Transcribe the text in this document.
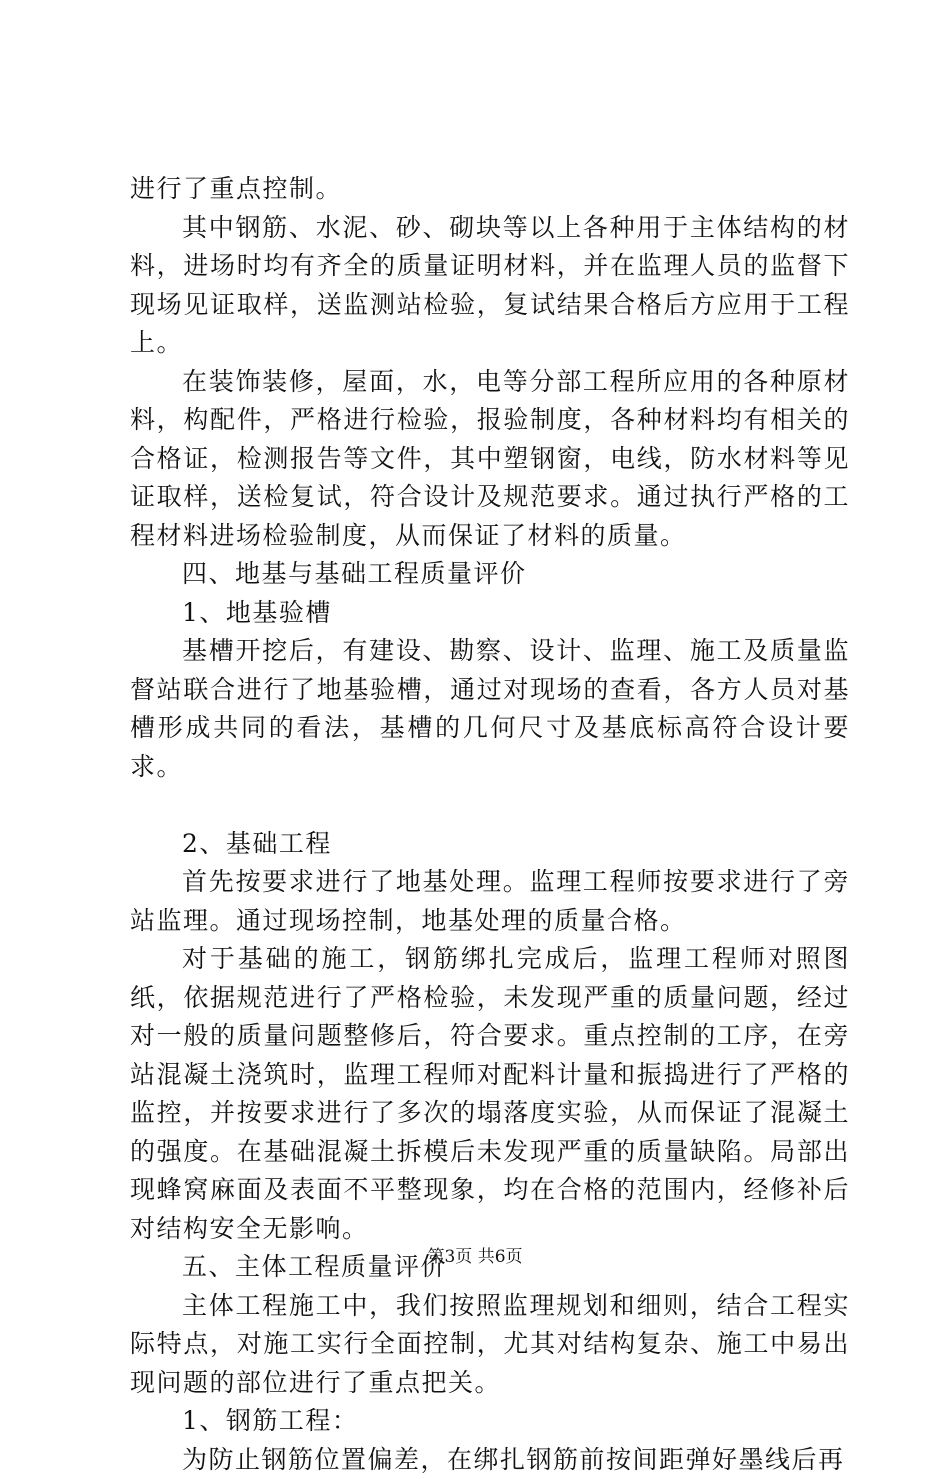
进行了重点控制。

其中钢筋、水泥、砂、砌块等以上各种用于主体结构的材料，进场时均有齐全的质量证明材料，并在监理人员的监督下现场见证取样，送监测站检验，复试结果合格后方应用于工程上。

在装饰装修，屋面，水，电等分部工程所应用的各种原材料，构配件，严格进行检验，报验制度，各种材料均有相关的合格证，检测报告等文件，其中塑钢窗，电线，防水材料等见证取样，送检复试，符合设计及规范要求。通过执行严格的工程材料进场检验制度，从而保证了材料的质量。

四、地基与基础工程质量评价

1、地基验槽

基槽开挖后，有建设、勘察、设计、监理、施工及质量监督站联合进行了地基验槽，通过对现场的查看，各方人员对基槽形成共同的看法，基槽的几何尺寸及基底标高符合设计要求。

2、基础工程

首先按要求进行了地基处理。监理工程师按要求进行了旁站监理。通过现场控制，地基处理的质量合格。

对于基础的施工，钢筋绑扎完成后，监理工程师对照图纸，依据规范进行了严格检验，未发现严重的质量问题，经过对一般的质量问题整修后，符合要求。重点控制的工序，在旁站混凝土浇筑时，监理工程师对配料计量和振捣进行了严格的监控，并按要求进行了多次的塌落度实验，从而保证了混凝土的强度。在基础混凝土拆模后未发现严重的质量缺陷。局部出现蜂窝麻面及表面不平整现象，均在合格的范围内，经修补后对结构安全无影响。

五、主体工程质量评价

主体工程施工中，我们按照监理规划和细则，结合工程实际特点，对施工实行全面控制，尤其对结构复杂、施工中易出现问题的部位进行了重点把关。

1、钢筋工程：

为防止钢筋位置偏差，在绑扎钢筋前按间距弹好墨线后再

第3页 共6页
